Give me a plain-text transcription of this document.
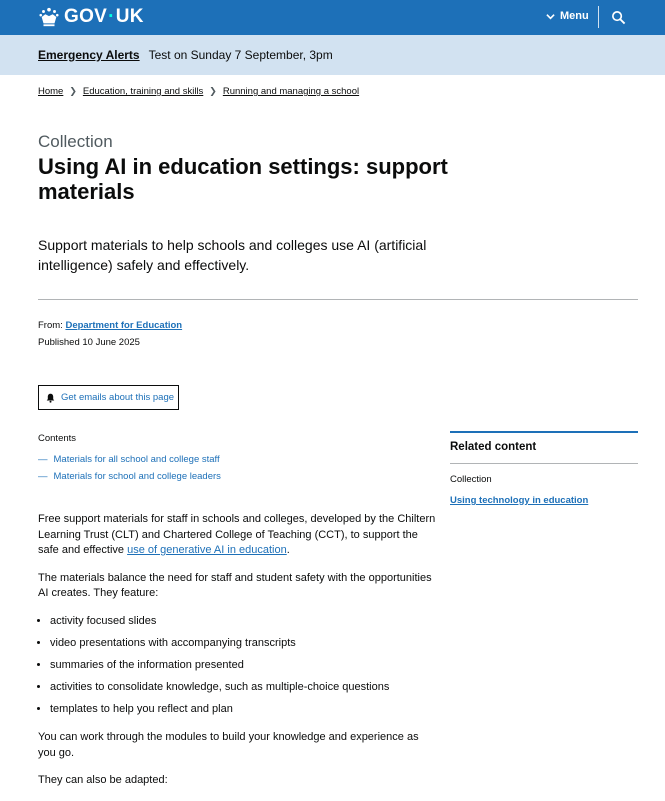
GOV·UK	Menu
Emergency Alerts Test on Sunday 7 September, 3pm
Home ❯ Education, training and skills ❯ Running and managing a school
Collection
Using AI in education settings: support materials

Support materials to help schools and colleges use AI (artificial intelligence) safely and effectively.

From: Department for Education
Published 10 June 2025
Get emails about this page
Contents
— Materials for all school and college staff
— Materials for school and college leaders

Free support materials for staff in schools and colleges, developed by the Chiltern Learning Trust (CLT) and Chartered College of Teaching (CCT), to support the safe and effective use of generative AI in education.

The materials balance the need for staff and student safety with the opportunities AI creates. They feature:

• activity focused slides
• video presentations with accompanying transcripts
• summaries of the information presented
• activities to consolidate knowledge, such as multiple-choice questions
• templates to help you reflect and plan

You can work through the modules to build your knowledge and experience as you go.

They can also be adapted:

Related content
Collection
Using technology in education
